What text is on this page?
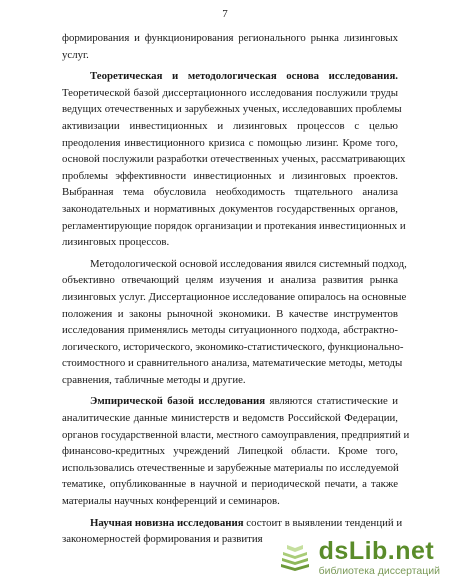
7
формирования и функционирования регионального рынка лизинговых
услуг.
Теоретическая и методологическая основа исследования.
Теоретической базой диссертационного исследования послужили труды
ведущих отечественных и зарубежных ученых, исследовавших проблемы
активизации инвестиционных и лизинговых процессов с целью
преодоления инвестиционного кризиса с помощью лизинг. Кроме того,
основой послужили разработки отечественных ученых, рассматривающих
проблемы эффективности инвестиционных и лизинговых проектов.
Выбранная тема обусловила необходимость тщательного анализа
законодательных и нормативных документов государственных органов,
регламентирующие порядок организации и протекания инвестиционных и
лизинговых процессов.
Методологической основой исследования явился системный подход,
объективно отвечающий целям изучения и анализа развития рынка
лизинговых услуг. Диссертационное исследование опиралось на основные
положения и законы рыночной экономики. В качестве инструментов
исследования применялись методы ситуационного подхода, абстрактно-
логического, исторического, экономико-статистического, функционально-
стоимостного и сравнительного анализа, математические методы, методы
сравнения, табличные методы и другие.
Эмпирической базой исследования являются статистические и
аналитические данные министерств и ведомств Российской Федерации,
органов государственной власти, местного самоуправления, предприятий и
финансово-кредитных учреждений Липецкой области. Кроме того,
использовались отечественные и зарубежные материалы по исследуемой
тематике, опубликованные в научной и периодической печати, а также
материалы научных конференций и семинаров.
Научная новизна исследования состоит в выявлении тенденций и
закономерностей формирования и развития	dsLib.net
библиотека диссертаций
